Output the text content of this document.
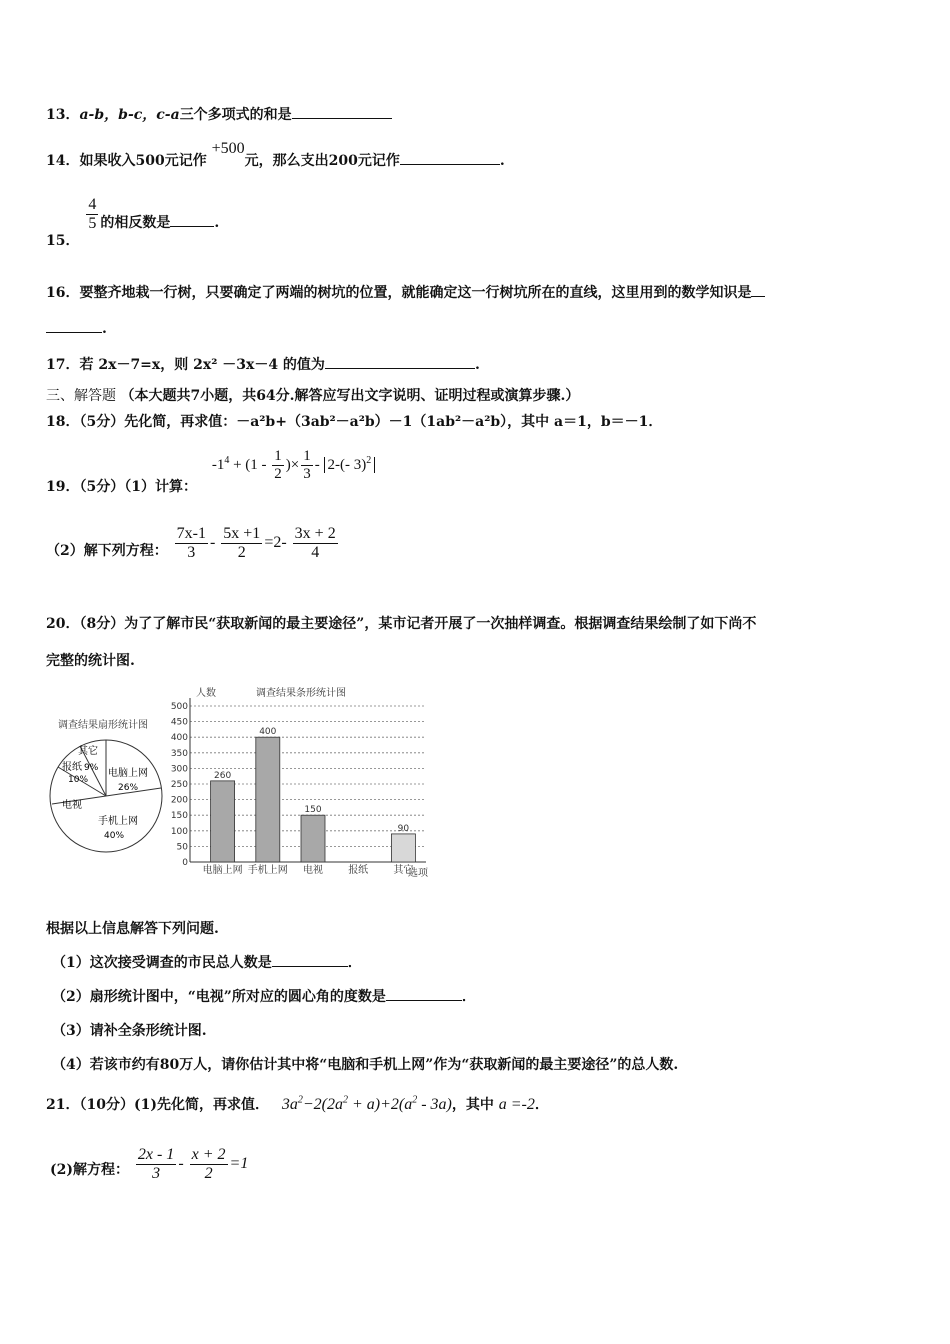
13．a-b，b-c，c-a三个多项式的和是
14．如果收入500元记作 +500元，那么支出200元记作	.
15．
$\frac{4}{5}$ 的相反数是	.
16．要整齐地栽一行树，只要确定了两端的树坑的位置，就能确定这一行树坑所在的直线，这里用到的数学知识是
.
17．若 2x－7=x，则 2x² －3x－4 的值为	.
三、解答题 （本大题共7小题，共64分.解答应写出文字说明、证明过程或演算步骤.）
18．（5分）先化简，再求值：－a²b+（3ab²－a²b）－1（1ab²－a²b），其中 a＝1，b＝－1．
19．（5分）（1）计算： $-1^4 + (1 - \frac{1}{2}$ )× $\frac{1}{3} - 2-(-$ 3)$^2$
（2）解下列方程： $\frac{7x-1}{3} - \frac{5x +1}{2} =2- \frac{3x + 2}{4}$
20．（8分）为了了解市民“获取新闻的最主要途径”，某市记者开展了一次抽样调查。根据调查结果绘制了如下尚不
完整的统计图.
调查结果扇形统计图
其它
报纸 9%
10%
电脑上网
26%
电视
手机上网
40%
人数	调查结果条形统计图
0
50
100
150
200
250
300
350
400
450
500
260
电脑上网
400
手机上网
150
电视	报纸
90
其它
选项
根据以上信息解答下列问题.
（1）这次接受调查的市民总人数是	．
（2）扇形统计图中，“电视”所对应的圆心角的度数是	．
（3）请补全条形统计图.
（4）若该市约有80万人，请你估计其中将“电脑和手机上网”作为“获取新闻的最主要途径”的总人数.
21．（10分）(1)先化简，再求值． $3a^2-2(2a^2 + a)+2(a^2 - 3a)$，其中 a =-2．
(2)解方程： $\frac{2x - 1}{3} - \frac{x + 2}{2} =1$
